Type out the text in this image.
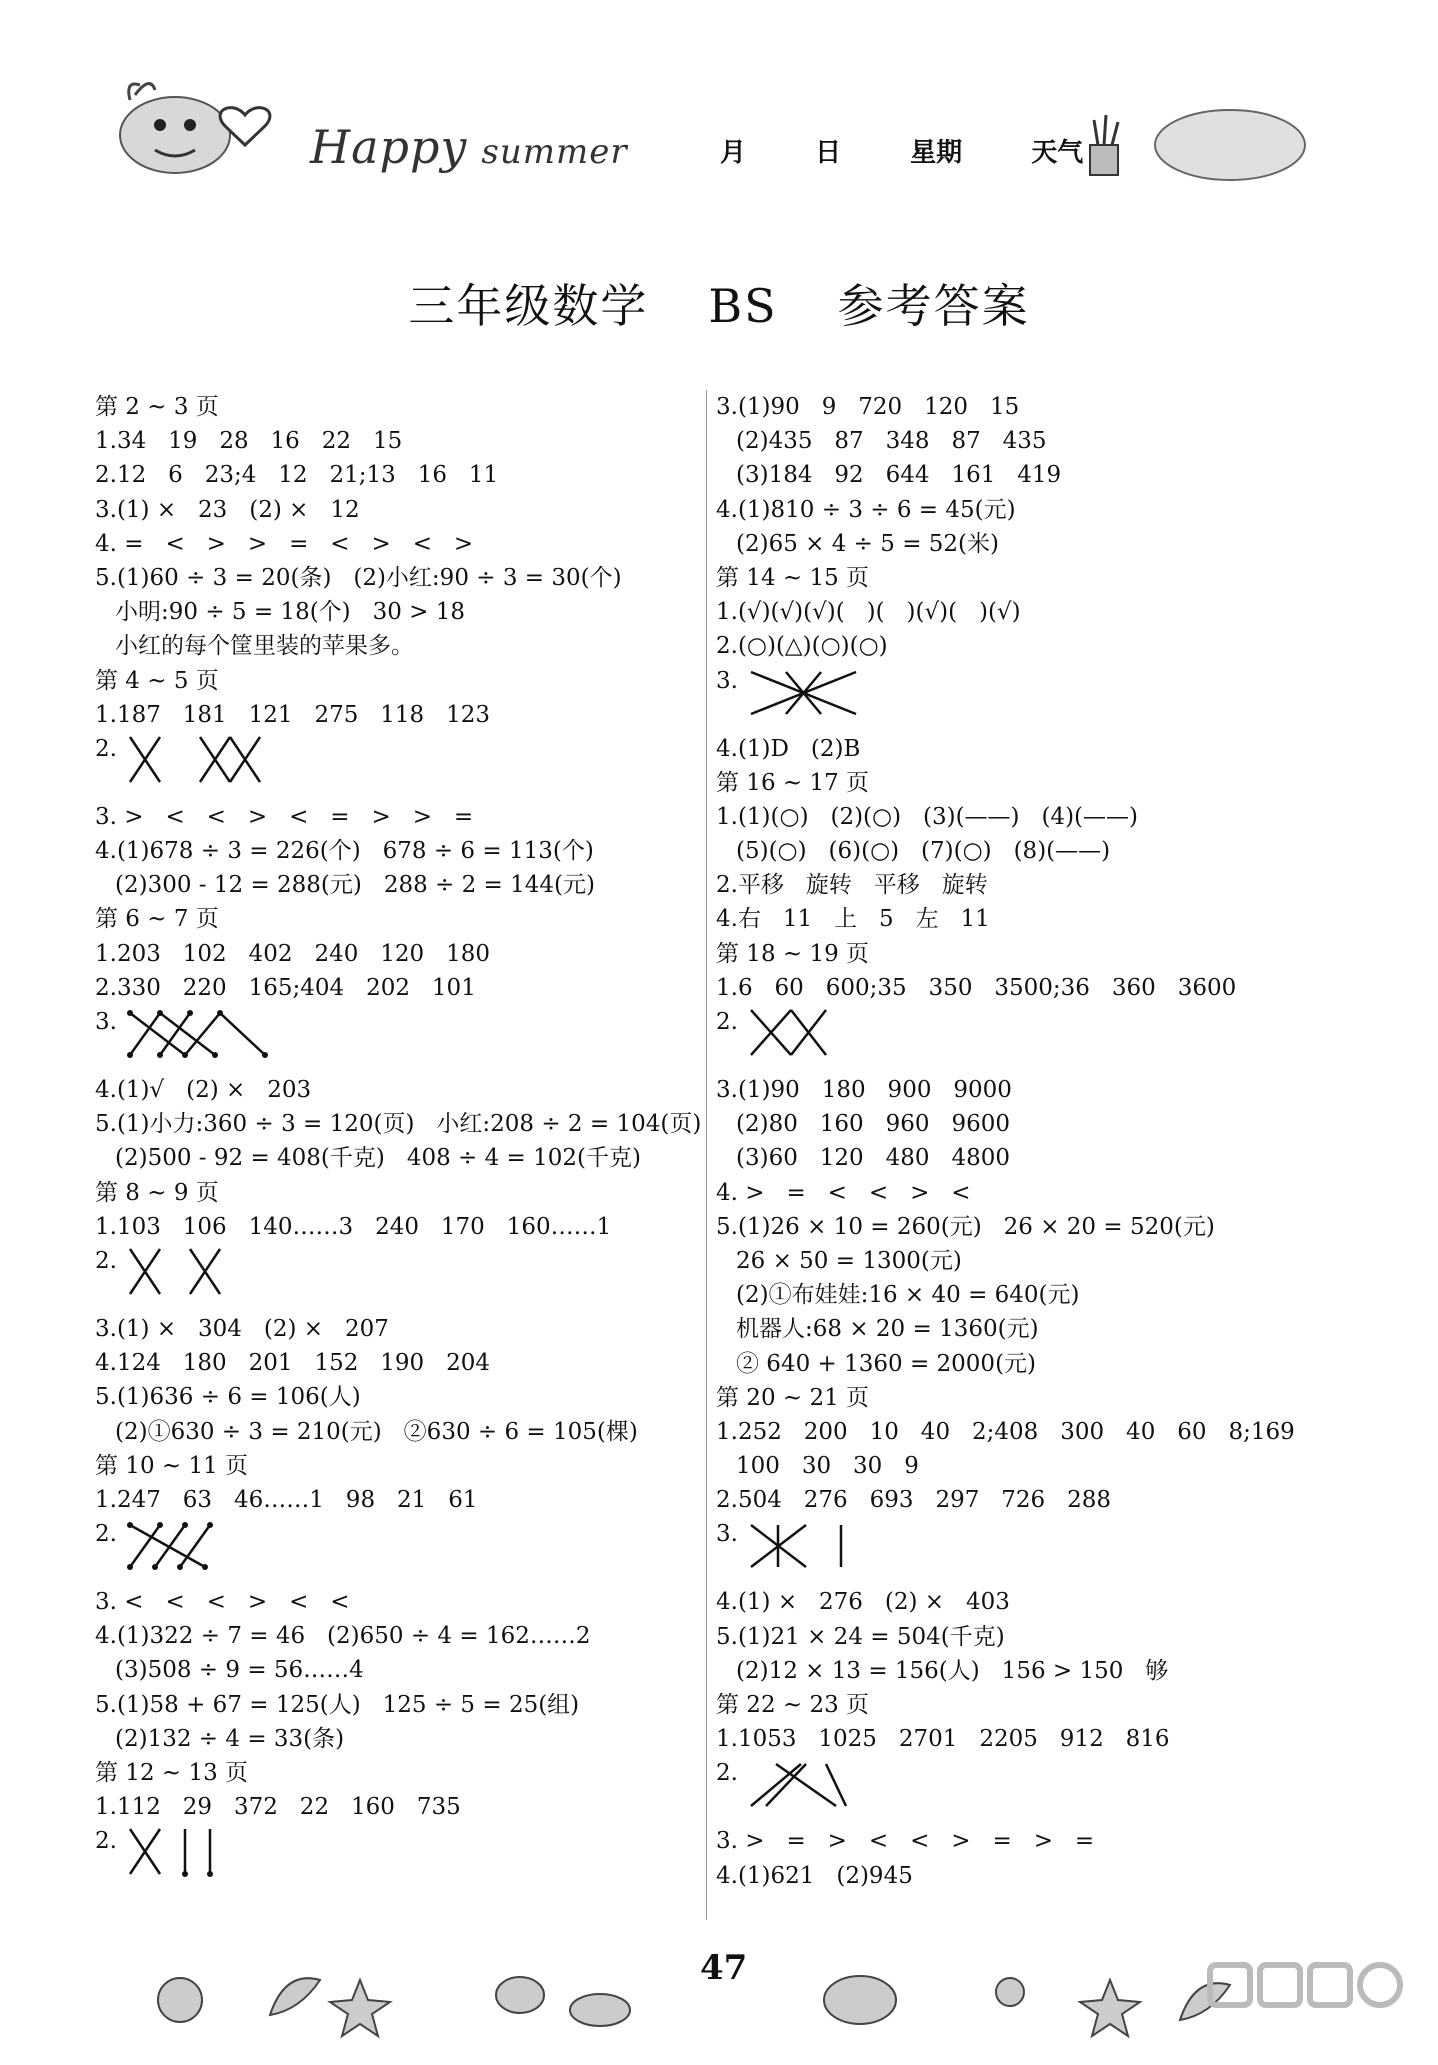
Happy summer	月	日	星期	天气
三年级数学 BS 参考答案
第 2 ~ 3 页
1.34   19   28   16   22   15
2.12   6   23;4   12   21;13   16   11
3.(1) ×   23   (2) ×   12
4. =   <   >   >   =   <   >   <   >
5.(1)60 ÷ 3 = 20(条)   (2)小红:90 ÷ 3 = 30(个)
小明:90 ÷ 5 = 18(个)   30 > 18
小红的每个筐里装的苹果多。
第 4 ~ 5 页
1.187   181   121   275   118   123
2.
3. >   <   <   >   <   =   >   >   =
4.(1)678 ÷ 3 = 226(个)   678 ÷ 6 = 113(个)
(2)300 - 12 = 288(元)   288 ÷ 2 = 144(元)
第 6 ~ 7 页
1.203   102   402   240   120   180
2.330   220   165;404   202   101
3.
4.(1)√   (2) ×   203
5.(1)小力:360 ÷ 3 = 120(页)   小红:208 ÷ 2 = 104(页)
(2)500 - 92 = 408(千克)   408 ÷ 4 = 102(千克)
第 8 ~ 9 页
1.103   106   140……3   240   170   160……1
2.
3.(1) ×   304   (2) ×   207
4.124   180   201   152   190   204
5.(1)636 ÷ 6 = 106(人)
(2)①630 ÷ 3 = 210(元)   ②630 ÷ 6 = 105(棵)
第 10 ~ 11 页
1.247   63   46……1   98   21   61
2.
3. <   <   <   >   <   <
4.(1)322 ÷ 7 = 46   (2)650 ÷ 4 = 162……2
(3)508 ÷ 9 = 56……4
5.(1)58 + 67 = 125(人)   125 ÷ 5 = 25(组)
(2)132 ÷ 4 = 33(条)
第 12 ~ 13 页
1.112   29   372   22   160   735
2.
3.(1)90   9   720   120   15
(2)435   87   348   87   435
(3)184   92   644   161   419
4.(1)810 ÷ 3 ÷ 6 = 45(元)
(2)65 × 4 ÷ 5 = 52(米)
第 14 ~ 15 页
1.(√)(√)(√)(   )(   )(√)(   )(√)
2.(○)(△)(○)(○)
3.
4.(1)D   (2)B
第 16 ~ 17 页
1.(1)(○)   (2)(○)   (3)(——)   (4)(——)
(5)(○)   (6)(○)   (7)(○)   (8)(——)
2.平移   旋转   平移   旋转
4.右   11   上   5   左   11
第 18 ~ 19 页
1.6   60   600;35   350   3500;36   360   3600
2.
3.(1)90   180   900   9000
(2)80   160   960   9600
(3)60   120   480   4800
4. >   =   <   <   >   <
5.(1)26 × 10 = 260(元)   26 × 20 = 520(元)
26 × 50 = 1300(元)
(2)①布娃娃:16 × 40 = 640(元)
机器人:68 × 20 = 1360(元)
② 640 + 1360 = 2000(元)
第 20 ~ 21 页
1.252   200   10   40   2;408   300   40   60   8;169
100   30   30   9
2.504   276   693   297   726   288
3.
4.(1) ×   276   (2) ×   403
5.(1)21 × 24 = 504(千克)
(2)12 × 13 = 156(人)   156 > 150   够
第 22 ~ 23 页
1.1053   1025   2701   2205   912   816
2.
3. >   =   >   <   <   >   =   >   =
4.(1)621   (2)945
47
